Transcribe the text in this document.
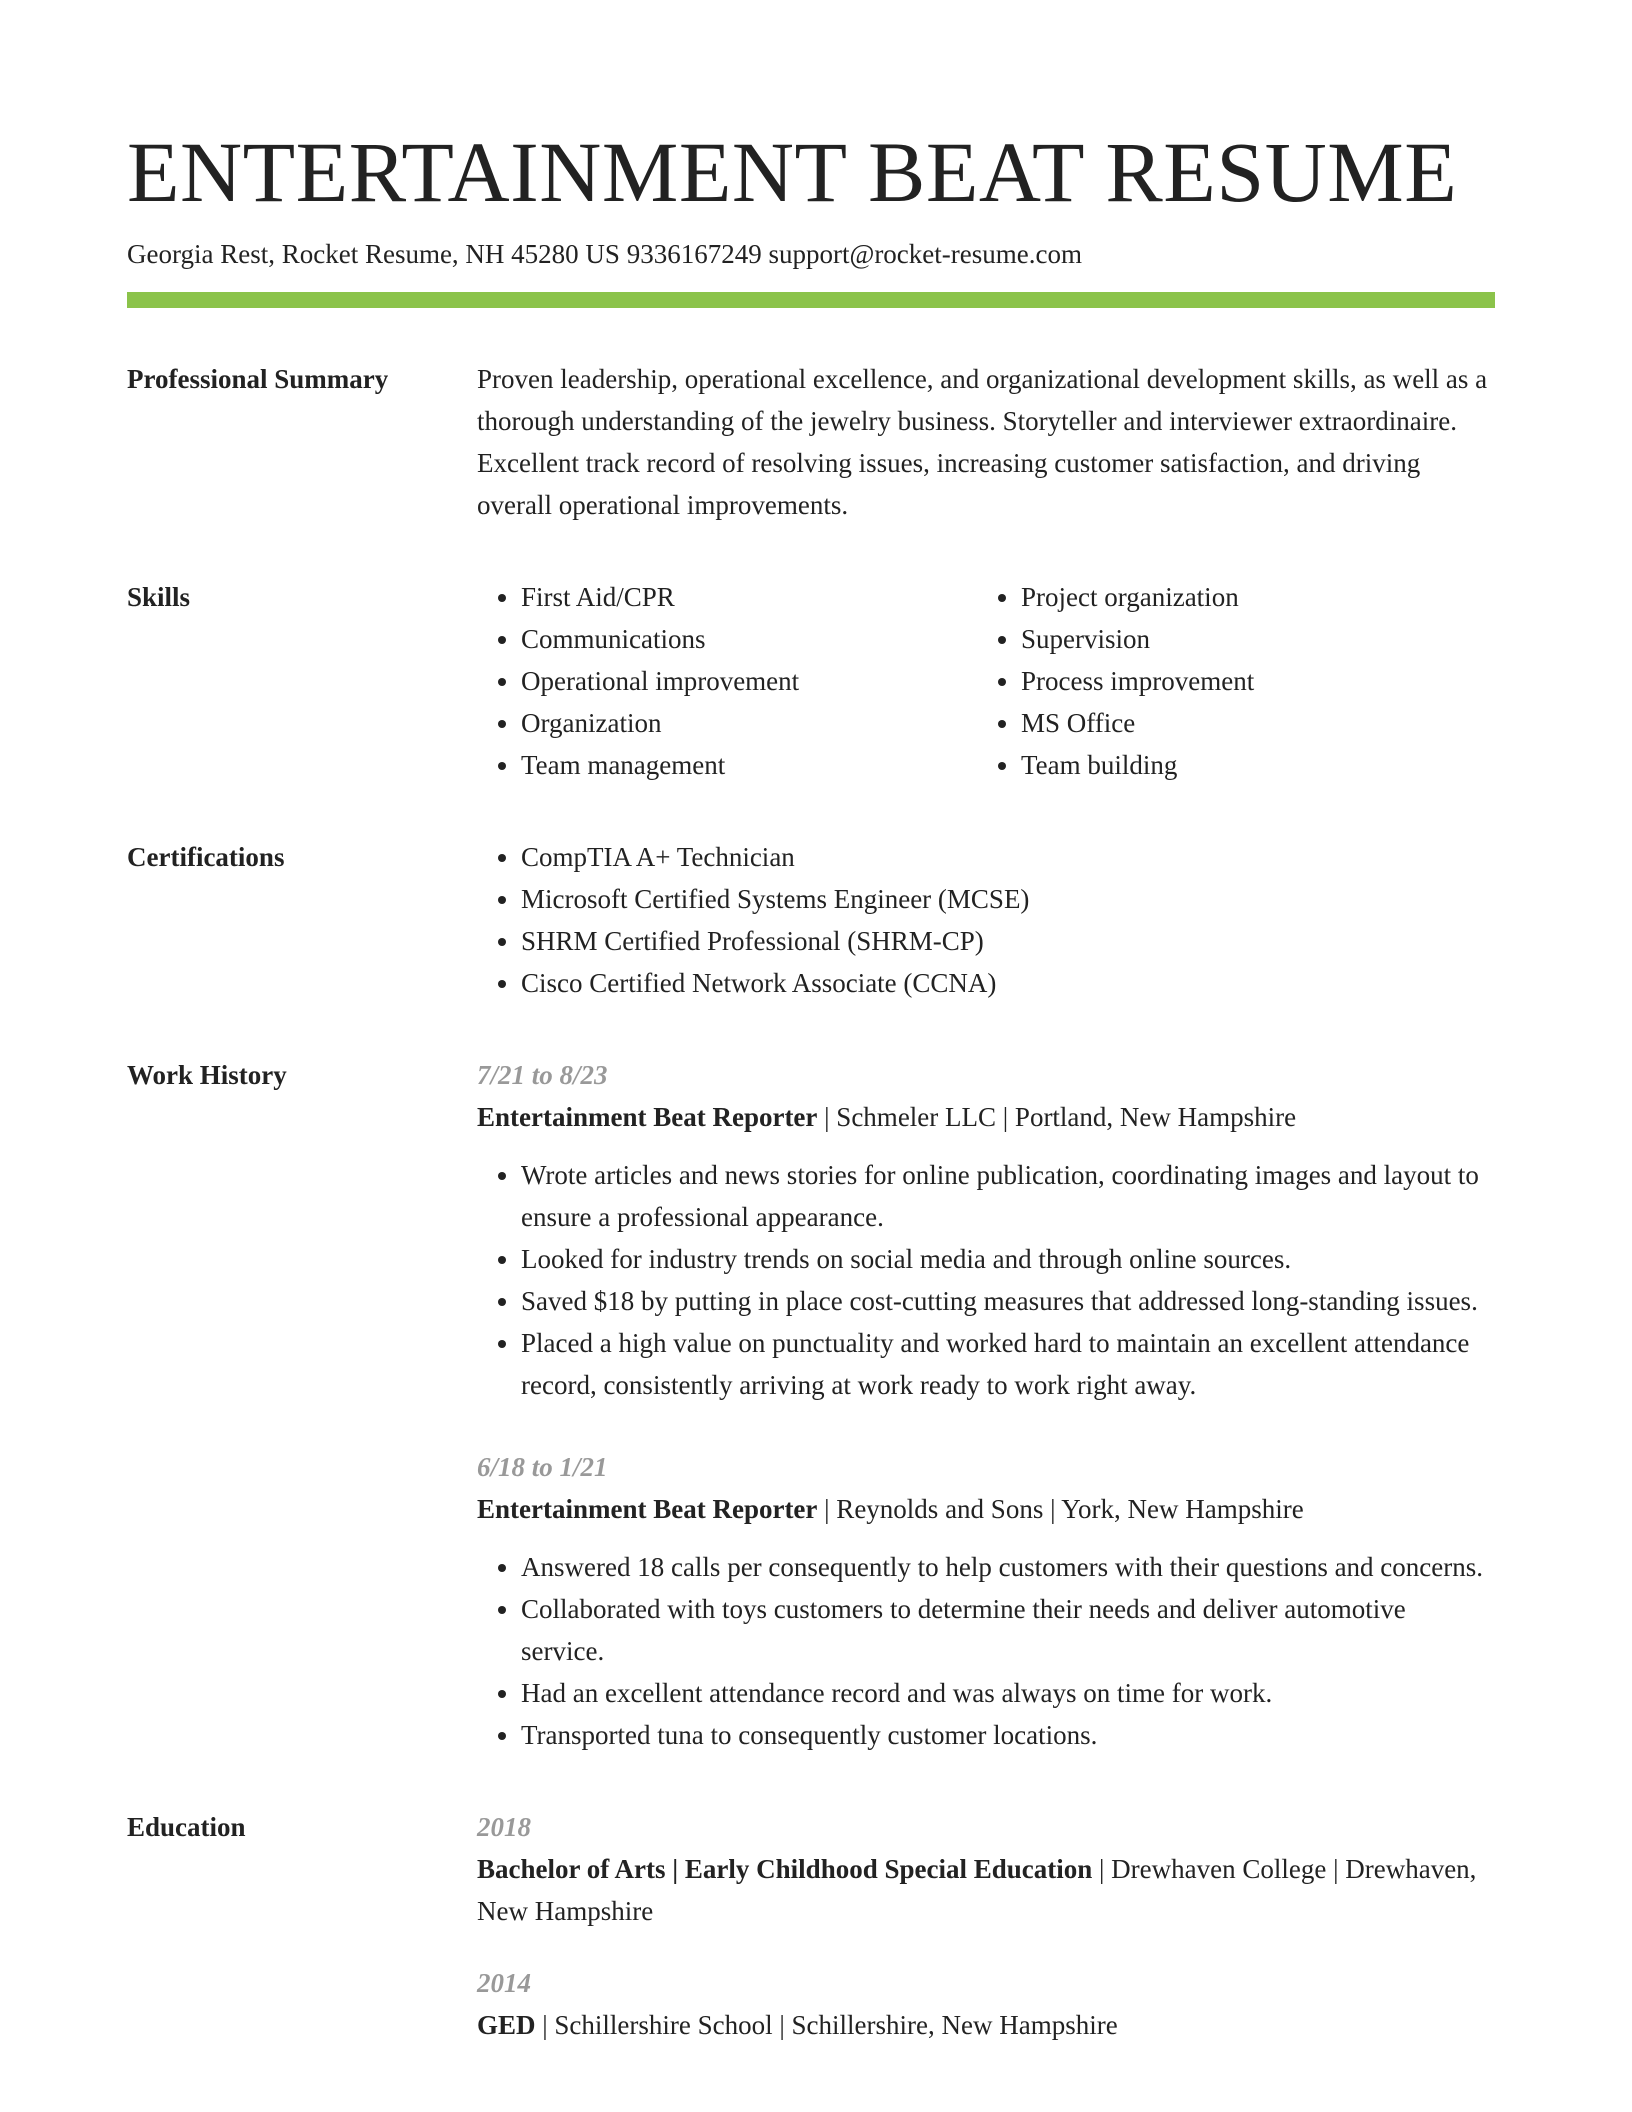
ENTERTAINMENT BEAT RESUME
Georgia Rest, Rocket Resume, NH 45280 US 9336167249 support@rocket-resume.com
Professional Summary	Proven leadership, operational excellence, and organizational development skills, as well as a thorough understanding of the jewelry business. Storyteller and interviewer extraordinaire. Excellent track record of resolving issues, increasing customer satisfaction, and driving overall operational improvements.

Skills	• First Aid/CPR
• Communications
• Operational improvement
• Organization
• Team management
• Project organization
• Supervision
• Process improvement
• MS Office
• Team building
Certifications	• CompTIA A+ Technician
• Microsoft Certified Systems Engineer (MCSE)
• SHRM Certified Professional (SHRM-CP)
• Cisco Certified Network Associate (CCNA)
Work History	7/21 to 8/23
Entertainment Beat Reporter | Schmeler LLC | Portland, New Hampshire
• Wrote articles and news stories for online publication, coordinating images and layout to ensure a professional appearance.
• Looked for industry trends on social media and through online sources.
• Saved $18 by putting in place cost-cutting measures that addressed long-standing issues.
• Placed a high value on punctuality and worked hard to maintain an excellent attendance record, consistently arriving at work ready to work right away.
6/18 to 1/21
Entertainment Beat Reporter | Reynolds and Sons | York, New Hampshire
• Answered 18 calls per consequently to help customers with their questions and concerns.
• Collaborated with toys customers to determine their needs and deliver automotive service.
• Had an excellent attendance record and was always on time for work.
• Transported tuna to consequently customer locations.
Education	2018
Bachelor of Arts | Early Childhood Special Education | Drewhaven College | Drewhaven, New Hampshire
2014
GED | Schillershire School | Schillershire, New Hampshire
